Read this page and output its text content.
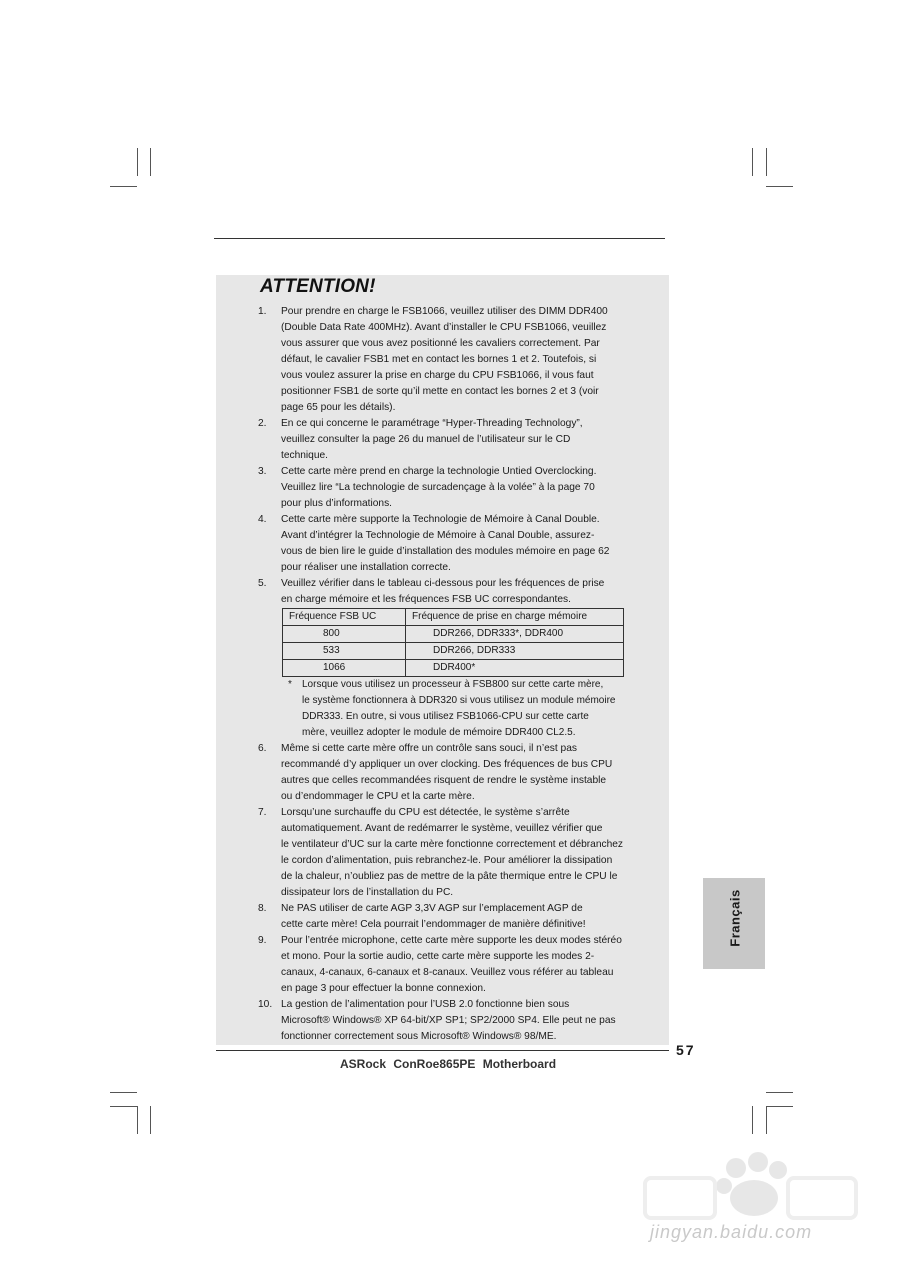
ATTENTION!
1. Pour prendre en charge le FSB1066, veuillez utiliser des DIMM DDR400
(Double Data Rate 400MHz). Avant d’installer le CPU FSB1066, veuillez
vous assurer que vous avez positionné les cavaliers correctement. Par
défaut, le cavalier FSB1 met en contact les bornes 1 et 2. Toutefois, si
vous voulez assurer la prise en charge du CPU FSB1066, il vous faut
positionner FSB1 de sorte qu’il mette en contact les bornes 2 et 3 (voir
page 65 pour les détails).
2. En ce qui concerne le paramétrage “Hyper-Threading Technology”,
veuillez consulter la page 26 du manuel de l’utilisateur sur le CD
technique.
3. Cette carte mère prend en charge la technologie Untied Overclocking.
Veuillez lire “La technologie de surcadençage à la volée” à la page 70
pour plus d’informations.
4. Cette carte mère supporte la Technologie de Mémoire à Canal Double.
Avant d’intégrer la Technologie de Mémoire à Canal Double, assurez-
vous de bien lire le guide d’installation des modules mémoire en page 62
pour réaliser une installation correcte.
5. Veuillez vérifier dans le tableau ci-dessous pour les fréquences de prise
en charge mémoire et les fréquences FSB UC correspondantes.
Fréquence FSB UC	Fréquence de prise en charge mémoire
800	DDR266, DDR333*, DDR400
533	DDR266, DDR333
1066	DDR400*
* Lorsque vous utilisez un processeur à FSB800 sur cette carte mère,
le système fonctionnera à DDR320 si vous utilisez un module mémoire
DDR333. En outre, si vous utilisez FSB1066-CPU sur cette carte
mère, veuillez adopter le module de mémoire DDR400 CL2.5.
6. Même si cette carte mère offre un contrôle sans souci, il n’est pas
recommandé d’y appliquer un over clocking. Des fréquences de bus CPU
autres que celles recommandées risquent de rendre le système instable
ou d’endommager le CPU et la carte mère.
7. Lorsqu’une surchauffe du CPU est détectée, le système s’arrête
automatiquement. Avant de redémarrer le système, veuillez vérifier que
le ventilateur d’UC sur la carte mère fonctionne correctement et débranchez
le cordon d’alimentation, puis rebranchez-le. Pour améliorer la dissipation
de la chaleur, n’oubliez pas de mettre de la pâte thermique entre le CPU le
dissipateur lors de l’installation du PC.
8. Ne PAS utiliser de carte AGP 3,3V AGP sur l’emplacement AGP de
cette carte mère! Cela pourrait l’endommager de manière définitive!
9. Pour l’entrée microphone, cette carte mère supporte les deux modes stéréo
et mono. Pour la sortie audio, cette carte mère supporte les modes 2-
canaux, 4-canaux, 6-canaux et 8-canaux. Veuillez vous référer au tableau
en page 3 pour effectuer la bonne connexion.
10. La gestion de l’alimentation pour l’USB 2.0 fonctionne bien sous
Microsoft® Windows® XP 64-bit/XP SP1; SP2/2000 SP4. Elle peut ne pas
fonctionner correctement sous Microsoft® Windows® 98/ME.
57
ASRock ConRoe865PE Motherboard
Français
jingyan.baidu.com
